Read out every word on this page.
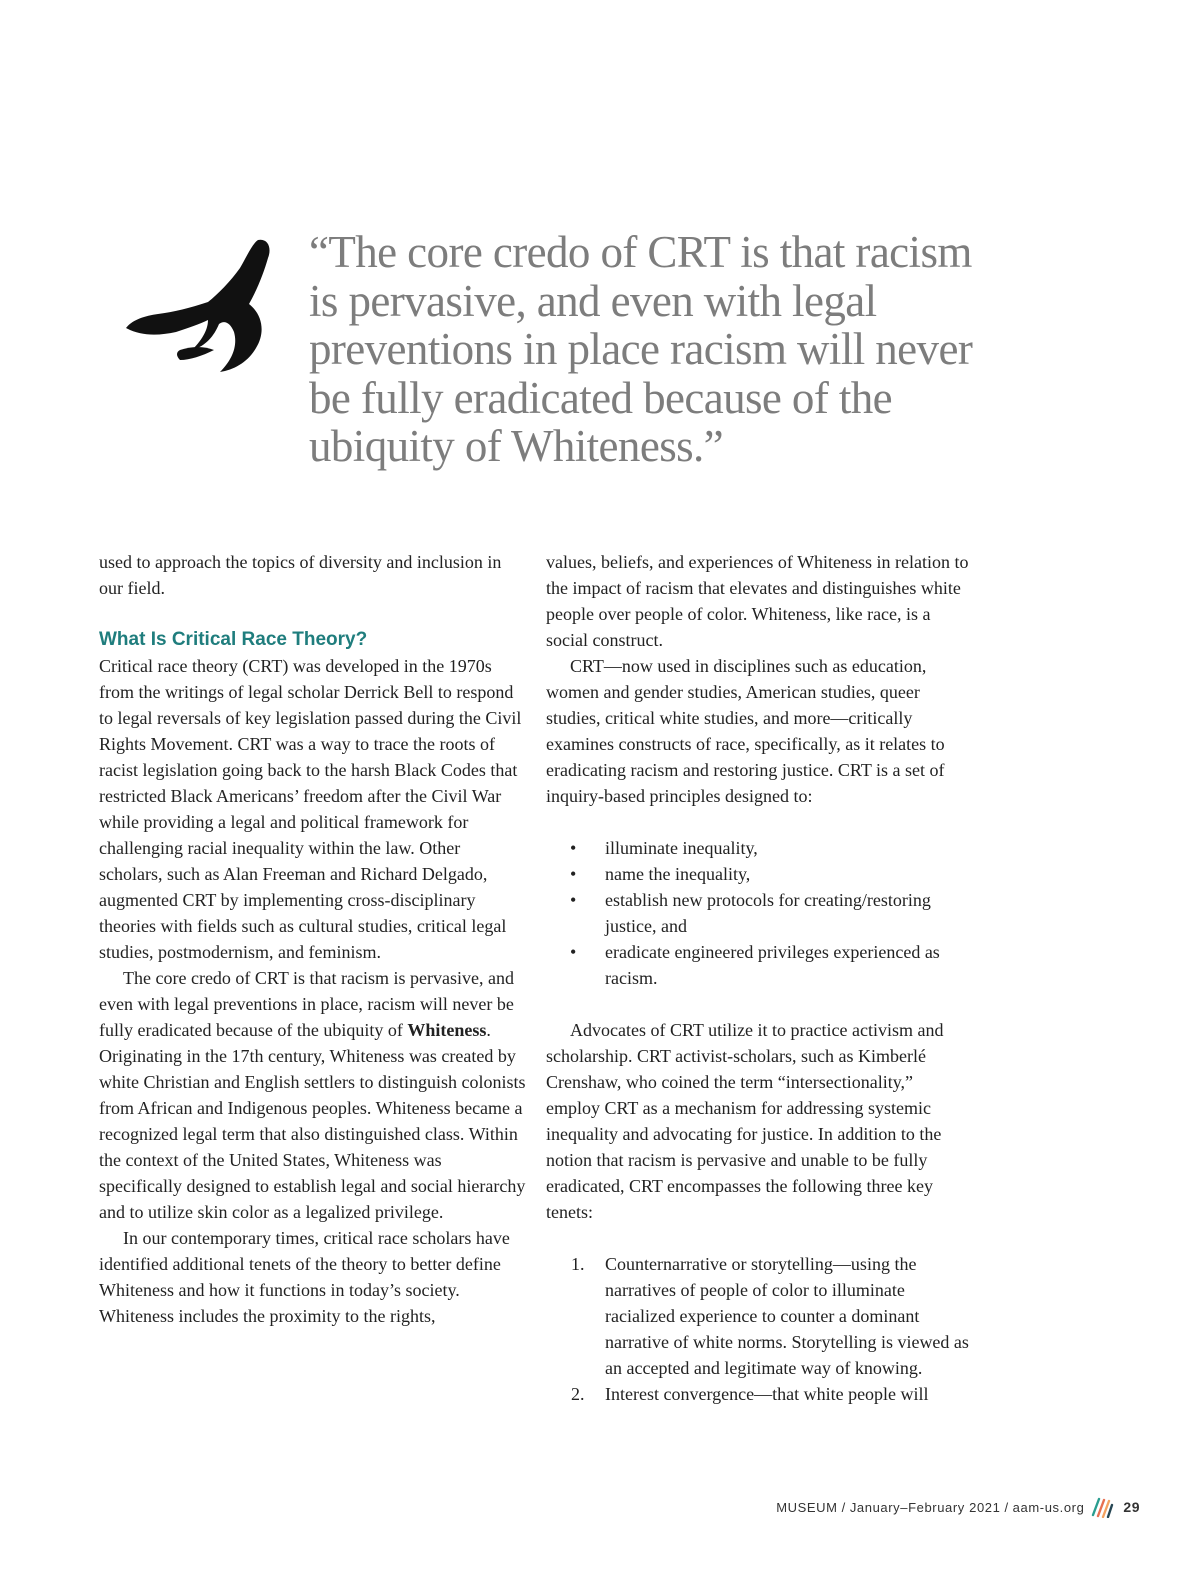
“The core credo of CRT is that racism is pervasive, and even with legal preventions in place racism will never be fully eradicated because of the ubiquity of Whiteness.”

used to approach the topics of diversity and inclusion in our field.

What Is Critical Race Theory?

Critical race theory (CRT) was developed in the 1970s from the writings of legal scholar Derrick Bell to respond to legal reversals of key legislation passed during the Civil Rights Movement. CRT was a way to trace the roots of racist legislation going back to the harsh Black Codes that restricted Black Americans’ freedom after the Civil War while providing a legal and political framework for challenging racial inequality within the law. Other scholars, such as Alan Freeman and Richard Delgado, augmented CRT by implementing cross-disciplinary theories with fields such as cultural studies, critical legal studies, postmodernism, and feminism.

The core credo of CRT is that racism is pervasive, and even with legal preventions in place, racism will never be fully eradicated because of the ubiquity of Whiteness. Originating in the 17th century, Whiteness was created by white Christian and English settlers to distinguish colonists from African and Indigenous peoples. Whiteness became a recognized legal term that also distinguished class. Within the context of the United States, Whiteness was specifically designed to establish legal and social hierarchy and to utilize skin color as a legalized privilege.

In our contemporary times, critical race scholars have identified additional tenets of the theory to better define Whiteness and how it functions in today’s society. Whiteness includes the proximity to the rights,

values, beliefs, and experiences of Whiteness in relation to the impact of racism that elevates and distinguishes white people over people of color. Whiteness, like race, is a social construct.

CRT—now used in disciplines such as education, women and gender studies, American studies, queer studies, critical white studies, and more—critically examines constructs of race, specifically, as it relates to eradicating racism and restoring justice. CRT is a set of inquiry-based principles designed to:

• illuminate inequality,
• name the inequality,
• establish new protocols for creating/restoring justice, and
• eradicate engineered privileges experienced as racism.

Advocates of CRT utilize it to practice activism and scholarship. CRT activist-scholars, such as Kimberlé Crenshaw, who coined the term “intersectionality,” employ CRT as a mechanism for addressing systemic inequality and advocating for justice. In addition to the notion that racism is pervasive and unable to be fully eradicated, CRT encompasses the following three key tenets:

1. Counternarrative or storytelling—using the narratives of people of color to illuminate racialized experience to counter a dominant narrative of white norms. Storytelling is viewed as an accepted and legitimate way of knowing.
2. Interest convergence—that white people will
MUSEUM / January–February 2021 / aam-us.org	29
